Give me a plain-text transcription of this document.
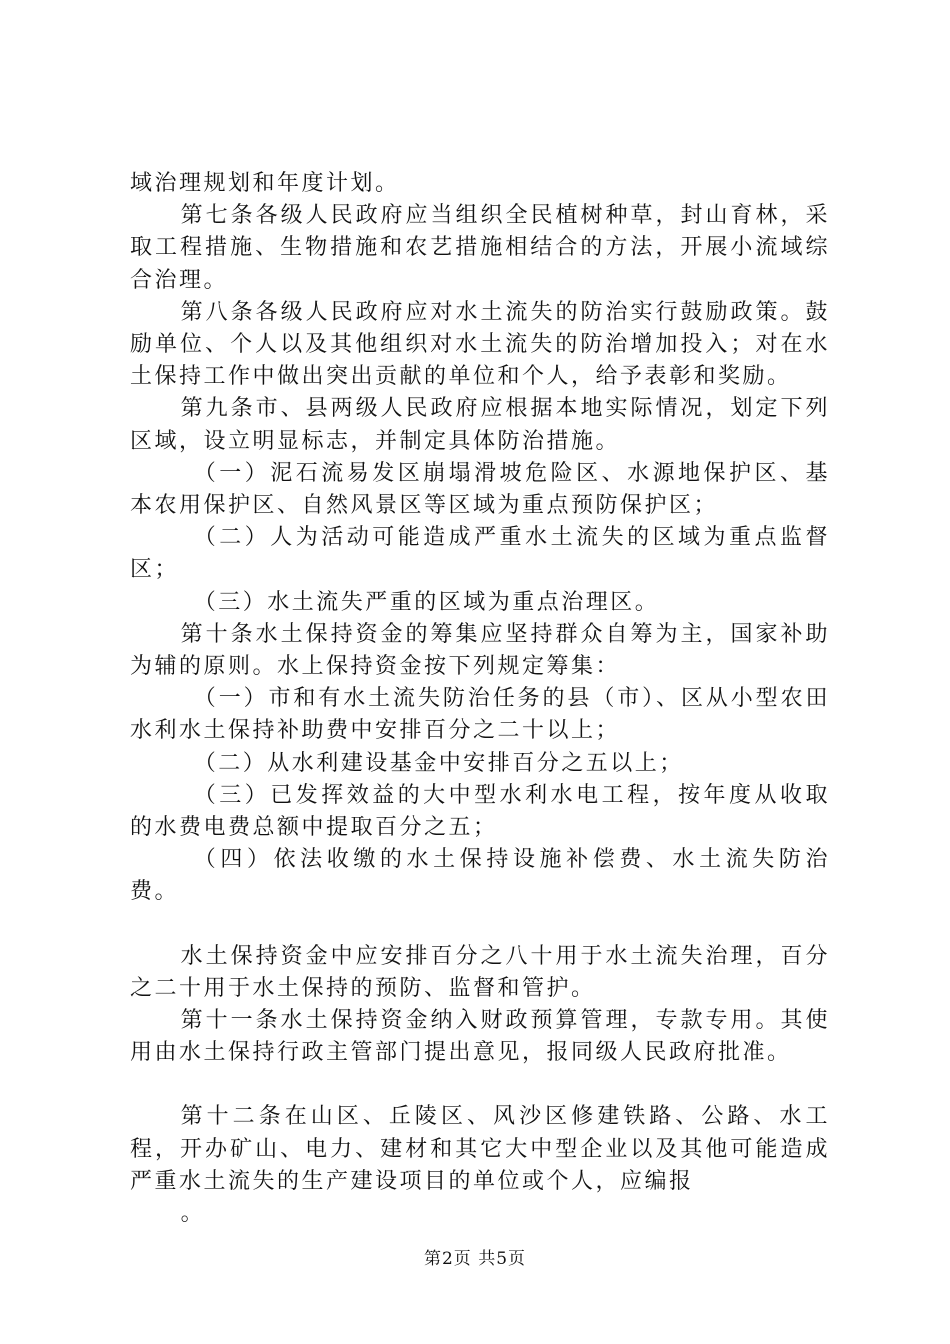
域治理规划和年度计划。

第七条各级人民政府应当组织全民植树种草，封山育林，采取工程措施、生物措施和农艺措施相结合的方法，开展小流域综合治理。

第八条各级人民政府应对水土流失的防治实行鼓励政策。鼓励单位、个人以及其他组织对水土流失的防治增加投入；对在水土保持工作中做出突出贡献的单位和个人，给予表彰和奖励。

第九条市、县两级人民政府应根据本地实际情况，划定下列区域，设立明显标志，并制定具体防治措施。

（一）泥石流易发区崩塌滑坡危险区、水源地保护区、基本农用保护区、自然风景区等区域为重点预防保护区；

（二）人为活动可能造成严重水土流失的区域为重点监督区；

（三）水土流失严重的区域为重点治理区。

第十条水土保持资金的筹集应坚持群众自筹为主，国家补助为辅的原则。水上保持资金按下列规定筹集：

（一）市和有水土流失防治任务的县（市）、区从小型农田水利水土保持补助费中安排百分之二十以上；

（二）从水利建设基金中安排百分之五以上；

（三）已发挥效益的大中型水利水电工程，按年度从收取的水费电费总额中提取百分之五；

（四）依法收缴的水土保持设施补偿费、水土流失防治费。

水土保持资金中应安排百分之八十用于水土流失治理，百分之二十用于水土保持的预防、监督和管护。

第十一条水土保持资金纳入财政预算管理，专款专用。其使用由水土保持行政主管部门提出意见，报同级人民政府批准。

第十二条在山区、丘陵区、风沙区修建铁路、公路、水工程，开办矿山、电力、建材和其它大中型企业以及其他可能造成严重水土流失的生产建设项目的单位或个人，应编报

。

第2页 共5页
